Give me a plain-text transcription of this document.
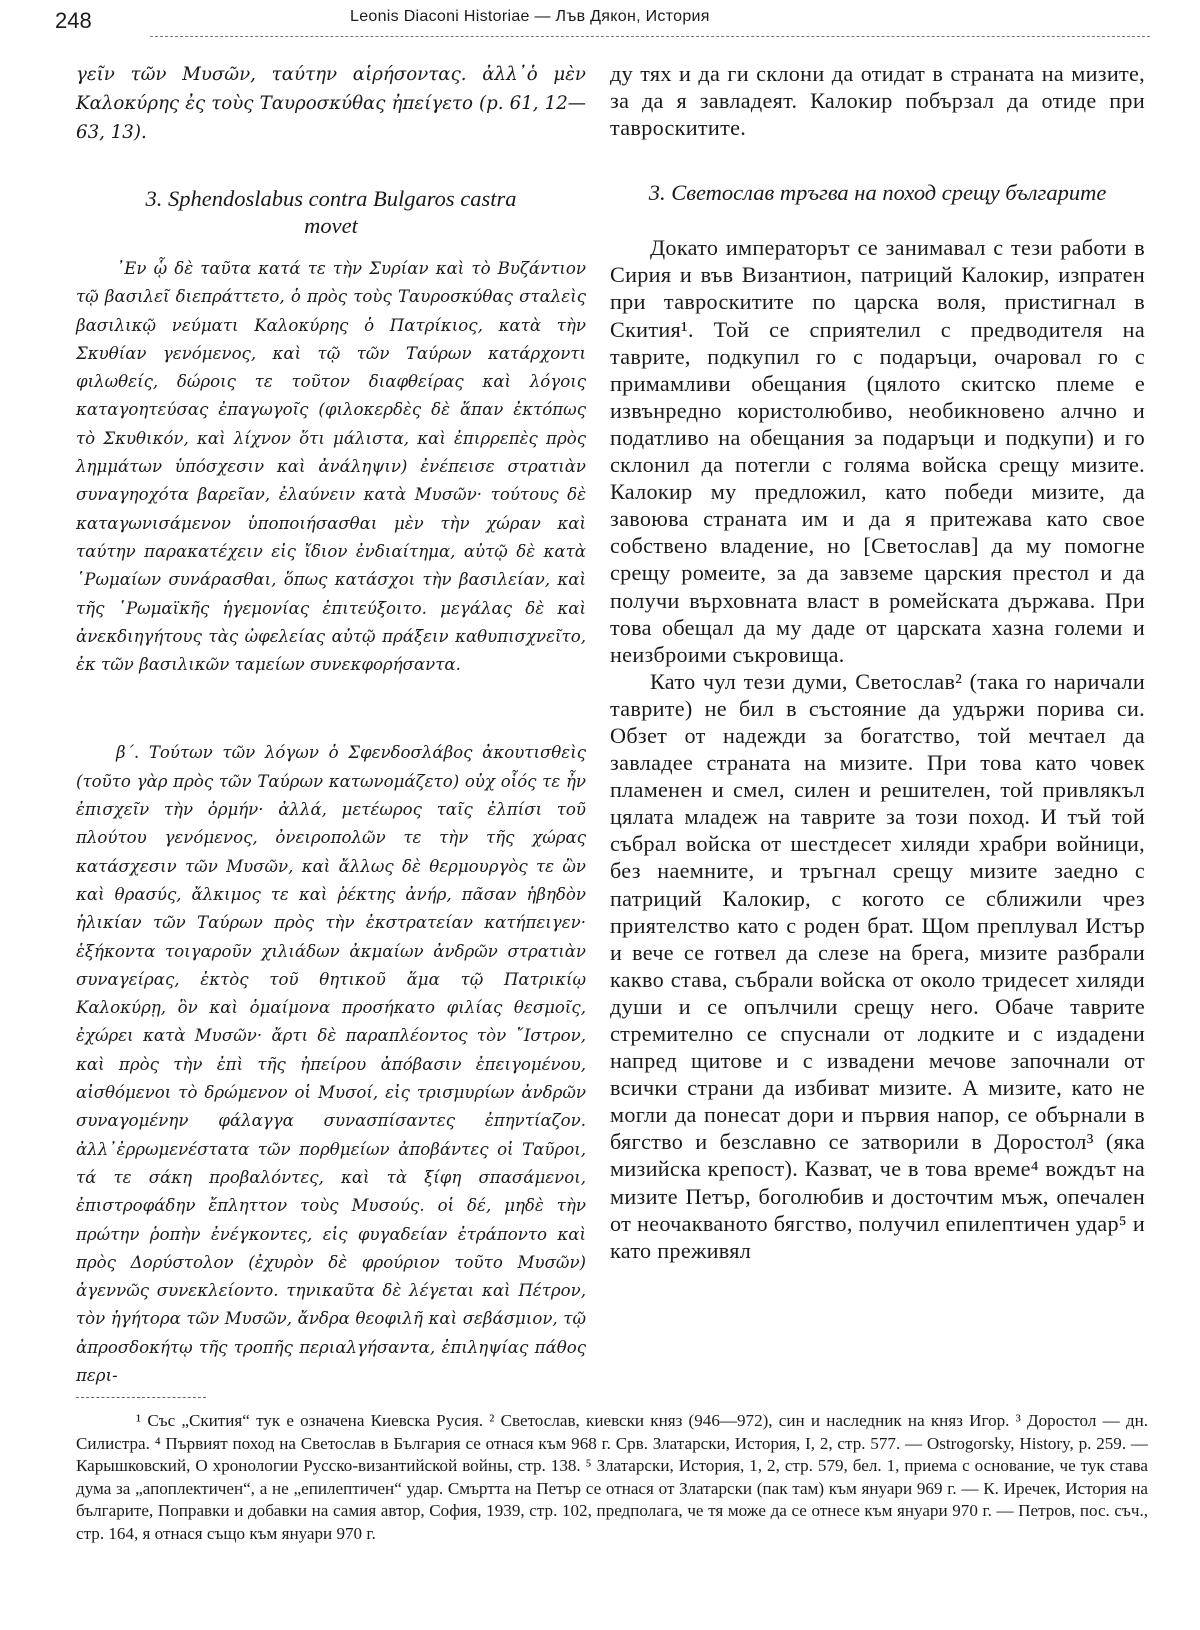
248	Leonis Diaconi Historiae — Лъв Дякон, История

γεῖν τῶν Μυσῶν, ταύτην αἱρήσοντας. ἀλλ᾽ὁ μὲν Καλοκύρης ἐς τοὺς Ταυροσκύθας ἠπείγετο (p. 61, 12—63, 13).

3. Sphendoslabus contra Bulgaros castra movet

᾿Εν ᾧ δὲ ταῦτα κατά τε τὴν Συρίαν καὶ τὸ Βυζάντιον τῷ βασιλεῖ διεπράττετο, ὁ πρὸς τοὺς Ταυροσκύθας σταλεὶς βασιλικῷ νεύματι Καλοκύρης ὁ Πατρίκιος, κατὰ τὴν Σκυθίαν γενόμενος, καὶ τῷ τῶν Ταύρων κατάρχοντι φιλωθείς, δώροις τε τοῦτον διαφθείρας καὶ λόγοις καταγοητεύσας ἐπαγωγοῖς (φιλοκερδὲς δὲ ἅπαν ἐκτόπως τὸ Σκυθικόν, καὶ λίχνον ὅτι μάλιστα, καὶ ἐπιρρεπὲς πρὸς λημμάτων ὑπόσχεσιν καὶ ἀνάληψιν) ἐνέπεισε στρατιὰν συναγηοχότα βαρεῖαν, ἐλαύνειν κατὰ Μυσῶν· τούτους δὲ καταγωνισάμενον ὑποποιήσασθαι μὲν τὴν χώραν καὶ ταύτην παρακατέχειν εἰς ἴδιον ἐνδιαίτημα, αὐτῷ δὲ κατὰ ῾Ρωμαίων συνάρασθαι, ὅπως κατάσχοι τὴν βασιλείαν, καὶ τῆς ῾Ρωμαϊκῆς ἡγεμονίας ἐπιτεύξοιτο. μεγάλας δὲ καὶ ἀνεκδιηγήτους τὰς ὠφελείας αὐτῷ πράξειν καθυπισχνεῖτο, ἐκ τῶν βασιλικῶν ταμείων συνεκφορήσαντα.

β´. Τούτων τῶν λόγων ὁ Σφενδοσλάβος ἀκουτισθεὶς (τοῦτο γὰρ πρὸς τῶν Ταύρων κατωνομάζετο) οὐχ οἷός τε ἦν ἐπισχεῖν τὴν ὁρμήν· ἀλλά, μετέωρος ταῖς ἐλπίσι τοῦ πλούτου γενόμενος, ὀνειροπολῶν τε τὴν τῆς χώρας κατάσχεσιν τῶν Μυσῶν, καὶ ἄλλως δὲ θερμουργὸς τε ὢν καὶ θρασύς, ἄλκιμος τε καὶ ῥέκτης ἀνήρ, πᾶσαν ἡβηδὸν ἡλικίαν τῶν Ταύρων πρὸς τὴν ἐκστρατείαν κατήπειγεν· ἑξήκοντα τοιγαροῦν χιλιάδων ἀκμαίων ἀνδρῶν στρατιὰν συναγείρας, ἐκτὸς τοῦ θητικοῦ ἅμα τῷ Πατρικίῳ Καλοκύρῃ, ὃν καὶ ὁμαίμονα προσήκατο φιλίας θεσμοῖς, ἐχώρει κατὰ Μυσῶν· ἄρτι δὲ παραπλέοντος τὸν ῎Ιστρον, καὶ πρὸς τὴν ἐπὶ τῆς ἠπείρου ἀπόβασιν ἐπειγομένου, αἰσθόμενοι τὸ δρώμενον οἱ Μυσοί, εἰς τρισμυρίων ἀνδρῶν συναγομένην φάλαγγα συνασπίσαντες ἐπηντίαζον. ἀλλ᾽ἐρρωμενέστατα τῶν πορθμείων ἀποβάντες οἱ Ταῦροι, τά τε σάκη προβαλόντες, καὶ τὰ ξίφη σπασάμενοι, ἐπιστροφάδην ἔπληττον τοὺς Μυσούς. οἱ δέ, μηδὲ τὴν πρώτην ῥοπὴν ἐνέγκοντες, εἰς φυγαδείαν ἐτράποντο καὶ πρὸς Δορύστολον (ἐχυρὸν δὲ φρούριον τοῦτο Μυσῶν) ἀγεννῶς συνεκλείοντο. τηνικαῦτα δὲ λέγεται καὶ Πέτρον, τὸν ἡγήτορα τῶν Μυσῶν, ἄνδρα θεοφιλῆ καὶ σεβάσμιον, τῷ ἀπροσδοκήτῳ τῆς τροπῆς περιαλγήσαντα, ἐπιληψίας πάθος περι-

ду тях и да ги склони да отидат в страната на мизите, за да я завладеят. Калокир побързал да отиде при тавроскитите.

3. Светослав тръгва на поход срещу българите

Докато императорът се занимавал с тези работи в Сирия и във Византион, патриций Калокир, изпратен при тавроскитите по царска воля, пристигнал в Скития¹. Той се сприятелил с предводителя на таврите, подкупил го с подаръци, очаровал го с примамливи обещания (цялото скитско племе е извънредно користолюбиво, необикновено алчно и податливо на обещания за подаръци и подкупи) и го склонил да потегли с голяма войска срещу мизите. Калокир му предложил, като победи мизите, да завоюва страната им и да я притежава като свое собствено владение, но [Светослав] да му помогне срещу ромеите, за да завземе царския престол и да получи върховната власт в ромейската държава. При това обещал да му даде от царската хазна големи и неизброими съкровища.

Като чул тези думи, Светослав² (така го наричали таврите) не бил в състояние да удържи порива си. Обзет от надежди за богатство, той мечтаел да завладее страната на мизите. При това като човек пламенен и смел, силен и решителен, той привлякъл цялата младеж на таврите за този поход. И тъй той събрал войска от шестдесет хиляди храбри войници, без наемните, и тръгнал срещу мизите заедно с патриций Калокир, с когото се сближили чрез приятелство като с роден брат. Щом преплувал Истър и вече се готвел да слезе на брега, мизите разбрали какво става, събрали войска от около тридесет хиляди души и се опълчили срещу него. Обаче таврите стремително се спуснали от лодките и с издадени напред щитове и с извадени мечове започнали от всички страни да избиват мизите. А мизите, като не могли да понесат дори и първия напор, се обърнали в бягство и безславно се затворили в Доростол³ (яка мизийска крепост). Казват, че в това време⁴ вождът на мизите Петър, боголюбив и досточтим мъж, опечален от неочакваното бягство, получил епилептичен удар⁵ и като преживял

¹ Със „Скития“ тук е означена Киевска Русия. ² Светослав, киевски княз (946—972), син и наследник на княз Игор. ³ Доростол — дн. Силистра. ⁴ Първият поход на Светослав в България се отнася към 968 г. Срв. Златарски, История, I, 2, стр. 577. — Ostrogorsky, History, p. 259. — Карышковский, О хронологии Русско-византийской войны, стр. 138. ⁵ Златарски, История, 1, 2, стр. 579, бел. 1, приема с основание, че тук става дума за „апоплектичен“, а не „епилептичен“ удар. Смъртта на Петър се отнася от Златарски (пак там) към януари 969 г. — К. Иречек, История на българите, Поправки и добавки на самия автор, София, 1939, стр. 102, предполага, че тя може да се отнесе към януари 970 г. — Петров, пос. съч., стр. 164, я отнася също към януари 970 г.
